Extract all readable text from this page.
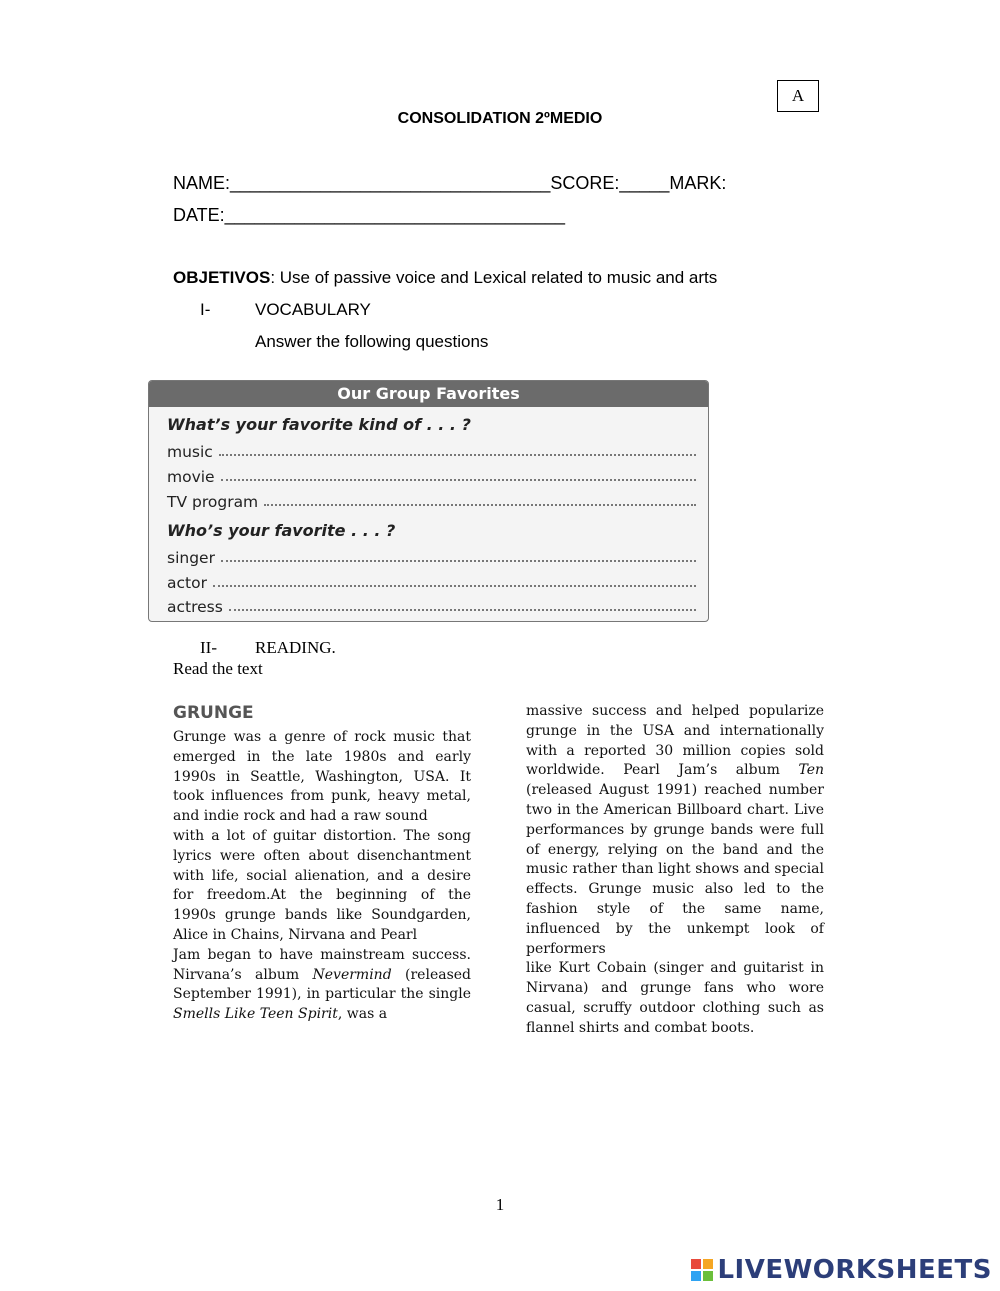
A
CONSOLIDATION 2ºMEDIO
NAME:________________________________SCORE:_____MARK:
DATE:__________________________________
OBJETIVOS: Use of passive voice and Lexical related to music and arts
I-	VOCABULARY
Answer the following questions
Our Group Favorites
What’s your favorite kind of . . . ?
music
movie
TV program
Who’s your favorite . . . ?
singer
actor
actress
II- READING.
Read the text
GRUNGE

Grunge was a genre of rock music that emerged in the late 1980s and early 1990s in Seattle, Washington, USA. It took influences from punk, heavy metal, and indie rock and had a raw sound

with a lot of guitar distortion. The song lyrics were often about disenchantment with life, social alienation, and a desire for freedom.At the beginning of the 1990s grunge bands like Soundgarden, Alice in Chains, Nirvana and Pearl

Jam began to have mainstream success. Nirvana’s album Nevermind (released September 1991), in particular the single Smells Like Teen Spirit, was a

massive success and helped popularize grunge in the USA and internationally with a reported 30 million copies sold worldwide. Pearl Jam’s album Ten (released August 1991) reached number two in the American Billboard chart. Live performances by grunge bands were full of energy, relying on the band and the music rather than light shows and special effects. Grunge music also led to the fashion style of the same name, influenced by the unkempt look of performers

like Kurt Cobain (singer and guitarist in Nirvana) and grunge fans who wore casual, scruffy outdoor clothing such as flannel shirts and combat boots.

1
LIVEWORKSHEETS
